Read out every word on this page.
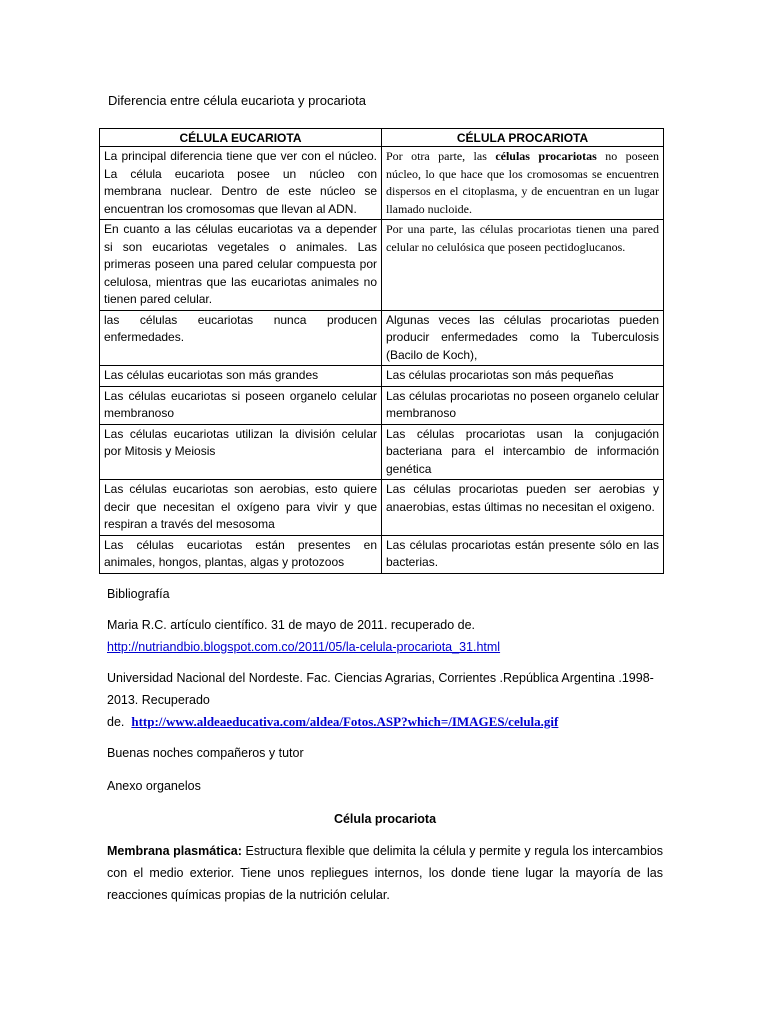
Diferencia entre célula eucariota y procariota
CÉLULA EUCARIOTA	CÉLULA PROCARIOTA
La principal diferencia tiene que ver con el núcleo. La célula eucariota posee un núcleo con membrana nuclear. Dentro de este núcleo se encuentran los cromosomas que llevan al ADN.	Por otra parte, las células procariotas no poseen núcleo, lo que hace que los cromosomas se encuentren dispersos en el citoplasma, y de encuentran en un lugar llamado nucloide.
En cuanto a las células eucariotas va a depender si son eucariotas vegetales o animales. Las primeras poseen una pared celular compuesta por celulosa, mientras que las eucariotas animales no tienen pared celular.	Por una parte, las células procariotas tienen una pared celular no celulósica que poseen pectidoglucanos.
las células eucariotas nunca producen enfermedades.	Algunas veces las células procariotas pueden producir enfermedades como la Tuberculosis (Bacilo de Koch),
Las células eucariotas son más grandes	Las células procariotas son más pequeñas
Las células eucariotas si poseen organelo celular membranoso	Las células procariotas no poseen organelo celular membranoso
Las células eucariotas utilizan la división celular por Mitosis y Meiosis	Las células procariotas usan la conjugación bacteriana para el intercambio de información genética
Las células eucariotas son aerobias, esto quiere decir que necesitan el oxígeno para vivir y que respiran a través del mesosoma	Las células procariotas pueden ser aerobias y anaerobias, estas últimas no necesitan el oxigeno.
Las células eucariotas están presentes en animales, hongos, plantas, algas y protozoos	Las células procariotas están presente sólo en las bacterias.
Bibliografía
Maria R.C. artículo científico. 31 de mayo de 2011. recuperado de.
http://nutriandbio.blogspot.com.co/2011/05/la-celula-procariota_31.html
Universidad Nacional del Nordeste. Fac. Ciencias Agrarias, Corrientes .República Argentina .1998-
2013. Recuperado
de. http://www.aldeaeducativa.com/aldea/Fotos.ASP?which=/IMAGES/celula.gif
Buenas noches compañeros y tutor
Anexo organelos
Célula procariota
Membrana plasmática: Estructura flexible que delimita la célula y permite y regula los intercambios con el medio exterior. Tiene unos repliegues internos, los donde tiene lugar la mayoría de las reacciones químicas propias de la nutrición celular.
